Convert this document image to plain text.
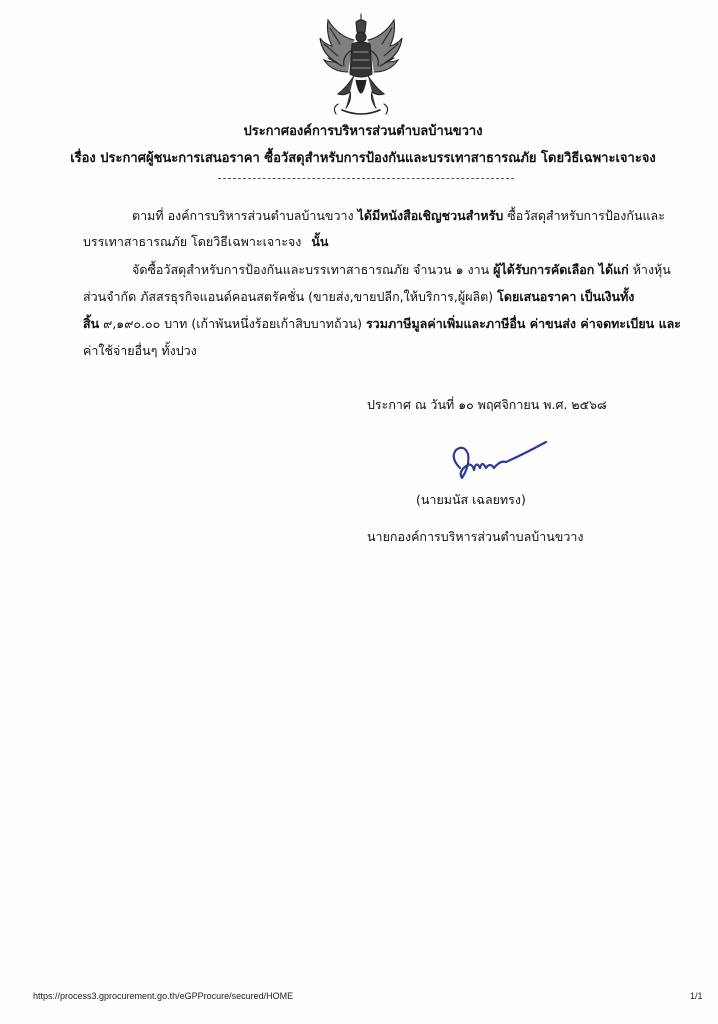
ประกาศองค์การบริหารส่วนตำบลบ้านขวาง
เรื่อง ประกาศผู้ชนะการเสนอราคา ซื้อวัสดุสำหรับการป้องกันและบรรเทาสาธารณภัย โดยวิธีเฉพาะเจาะจง
ตามที่ องค์การบริหารส่วนตำบลบ้านขวาง ได้มีหนังสือเชิญชวนสำหรับ ซื้อวัสดุสำหรับการป้องกันและ
บรรเทาสาธารณภัย โดยวิธีเฉพาะเจาะจง นั้น
จัดซื้อวัสดุสำหรับการป้องกันและบรรเทาสาธารณภัย จำนวน ๑ งาน ผู้ได้รับการคัดเลือก ได้แก่ ห้างหุ้น
ส่วนจำกัด ภัสสรธุรกิจแอนด์คอนสตรัคชั่น (ขายส่ง,ขายปลีก,ให้บริการ,ผู้ผลิต) โดยเสนอราคา เป็นเงินทั้ง
สิ้น ๙,๑๙๐.๐๐ บาท (เก้าพันหนึ่งร้อยเก้าสิบบาทถ้วน) รวมภาษีมูลค่าเพิ่มและภาษีอื่น ค่าขนส่ง ค่าจดทะเบียน และ
ค่าใช้จ่ายอื่นๆ ทั้งปวง
ประกาศ ณ วันที่ ๑๐ พฤศจิกายน พ.ศ. ๒๕๖๘
(นายมนัส เฉลยทรง)
นายกองค์การบริหารส่วนตำบลบ้านขวาง
https://process3.gprocurement.go.th/eGPProcure/secured/HOME	1/1
